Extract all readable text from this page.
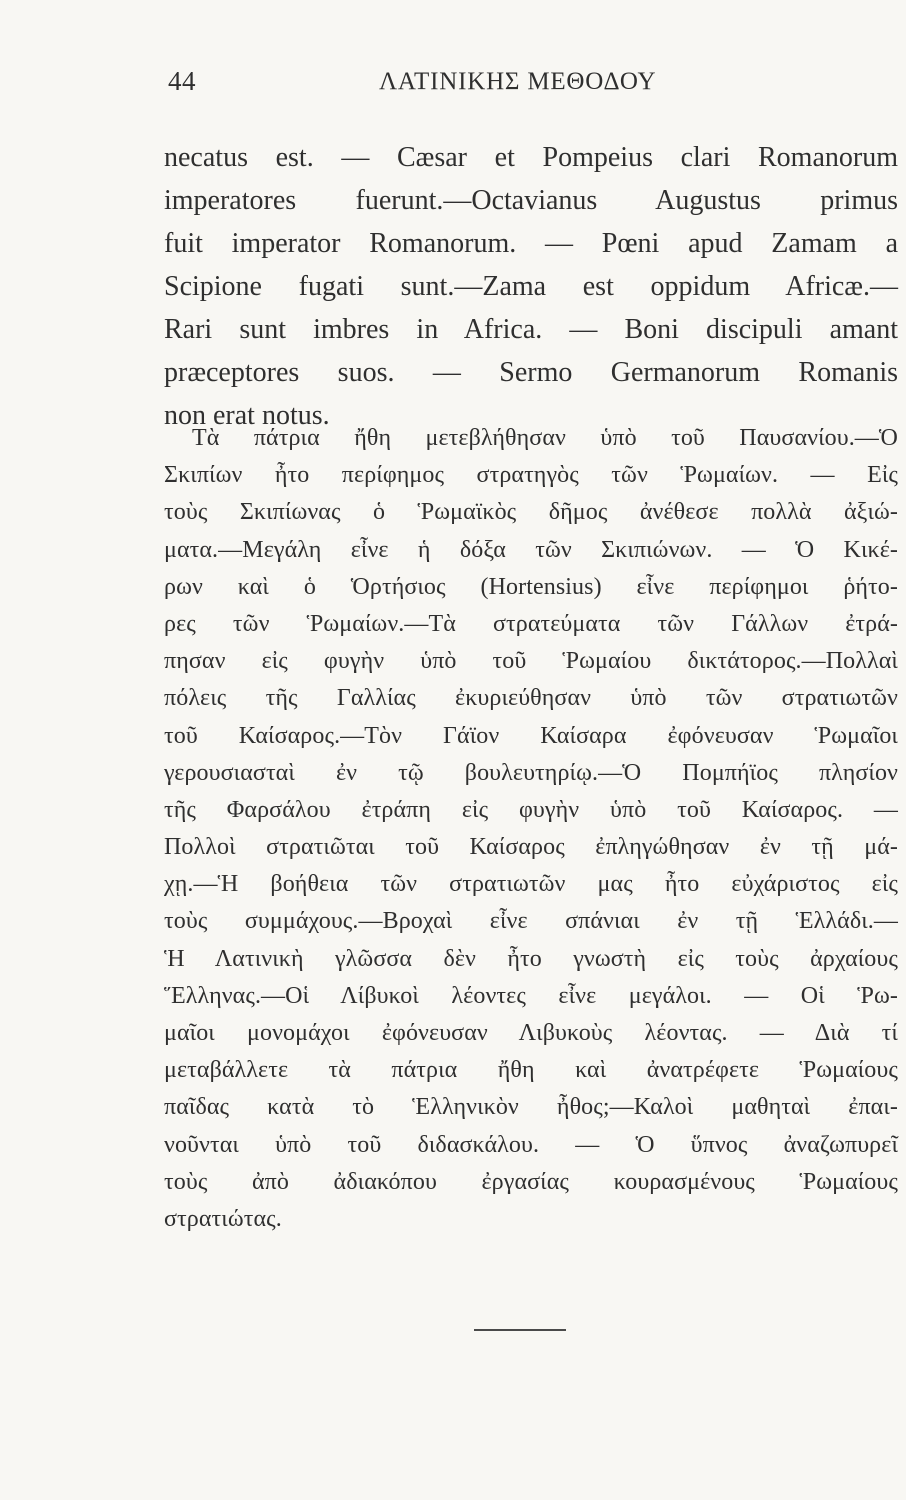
44	ΛΑΤΙΝΙΚΗΣ ΜΕΘΟΔΟΥ
necatus est. — Cæsar et Pompeius clari Romanorum
imperatores fuerunt.—Octavianus Augustus primus
fuit imperator Romanorum. — Pœni apud Zamam a
Scipione fugati sunt.—Zama est oppidum Africæ.—
Rari sunt imbres in Africa. — Boni discipuli amant
præceptores suos. — Sermo Germanorum Romanis
non erat notus.
Τὰ πάτρια ἤθη μετεβλήθησαν ὑπὸ τοῦ Παυσανίου.—Ὁ
Σκιπίων ἦτο περίφημος στρατηγὸς τῶν Ῥωμαίων. — Εἰς
τοὺς Σκιπίωνας ὁ Ῥωμαϊκὸς δῆμος ἀνέθεσε πολλὰ ἀξιώ-
ματα.—Μεγάλη εἶνε ἡ δόξα τῶν Σκιπιώνων. — Ὁ Κικέ-
ρων καὶ ὁ Ὁρτήσιος (Hortensius) εἶνε περίφημοι ῥήτο-
ρες τῶν Ῥωμαίων.—Τὰ στρατεύματα τῶν Γάλλων ἐτρά-
πησαν εἰς φυγὴν ὑπὸ τοῦ Ῥωμαίου δικτάτορος.—Πολλαὶ
πόλεις τῆς Γαλλίας ἐκυριεύθησαν ὑπὸ τῶν στρατιωτῶν
τοῦ Καίσαρος.—Τὸν Γάϊον Καίσαρα ἐφόνευσαν Ῥωμαῖοι
γερουσιασταὶ ἐν τῷ βουλευτηρίῳ.—Ὁ Πομπήϊος πλησίον
τῆς Φαρσάλου ἐτράπη εἰς φυγὴν ὑπὸ τοῦ Καίσαρος. —
Πολλοὶ στρατιῶται τοῦ Καίσαρος ἐπληγώθησαν ἐν τῇ μά-
χῃ.—Ἡ βοήθεια τῶν στρατιωτῶν μας ἦτο εὐχάριστος εἰς
τοὺς συμμάχους.—Βροχαὶ εἶνε σπάνιαι ἐν τῇ Ἑλλάδι.—
Ἡ Λατινικὴ γλῶσσα δὲν ἦτο γνωστὴ εἰς τοὺς ἀρχαίους
Ἕλληνας.—Οἱ Λίβυκοὶ λέοντες εἶνε μεγάλοι. — Οἱ Ῥω-
μαῖοι μονομάχοι ἐφόνευσαν Λιβυκοὺς λέοντας. — Διὰ τί
μεταβάλλετε τὰ πάτρια ἤθη καὶ ἀνατρέφετε Ῥωμαίους
παῖδας κατὰ τὸ Ἑλληνικὸν ἦθος;—Καλοὶ μαθηταὶ ἐπαι-
νοῦνται ὑπὸ τοῦ διδασκάλου. — Ὁ ὕπνος ἀναζωπυρεῖ
τοὺς ἀπὸ ἀδιακόπου ἐργασίας κουρασμένους Ῥωμαίους
στρατιώτας.
